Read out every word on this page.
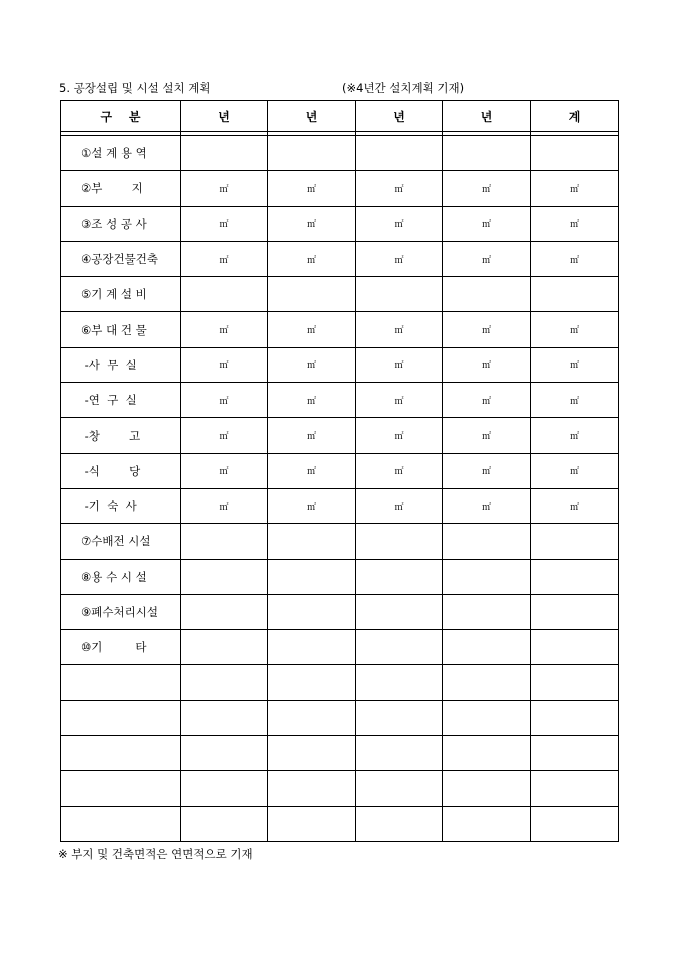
5. 공장설립 및 시설 설치 계획	(※4년간 설치계획 기재)
구    분	년	년	년	년	계

①설 계 용 역					
②부        지	㎡	㎡	㎡	㎡	㎡
③조 성 공 사	㎡	㎡	㎡	㎡	㎡
④공장건물건축	㎡	㎡	㎡	㎡	㎡
⑤기 계 설 비					
⑥부 대 건 물	㎡	㎡	㎡	㎡	㎡
-사  무  실	㎡	㎡	㎡	㎡	㎡
-연  구  실	㎡	㎡	㎡	㎡	㎡
-창        고	㎡	㎡	㎡	㎡	㎡
-식        당	㎡	㎡	㎡	㎡	㎡
-기  숙  사	㎡	㎡	㎡	㎡	㎡
⑦수배전 시설					
⑧용 수 시 설					
⑨폐수처리시설					
⑩기         타					

※ 부지 및 건축면적은 연면적으로 기재
